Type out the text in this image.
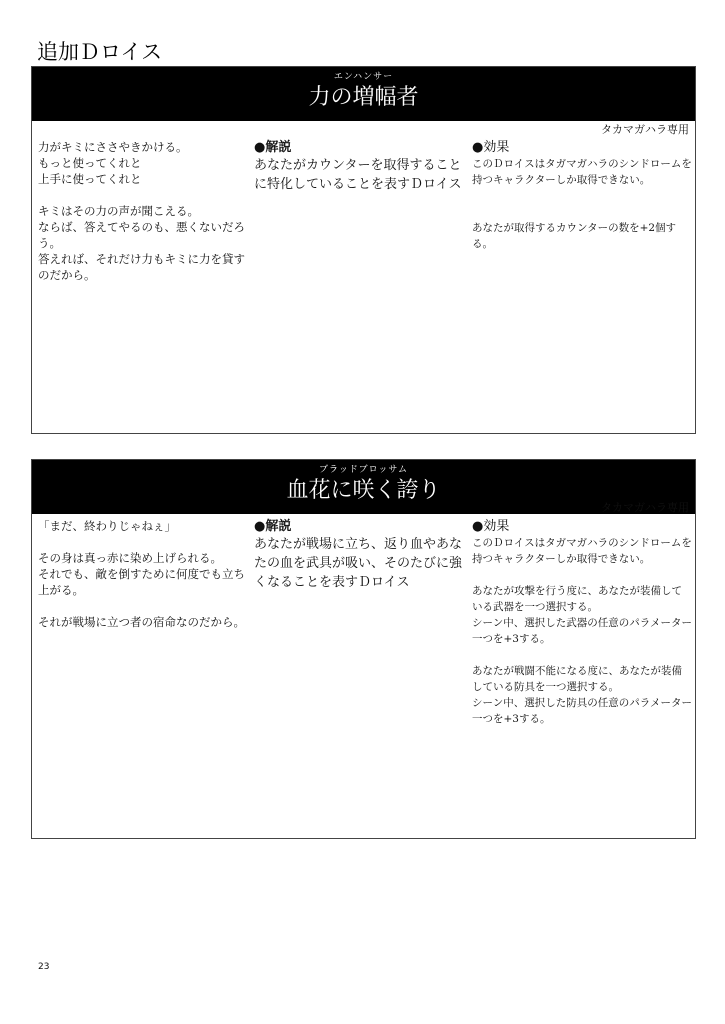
追加Ｄロイス
エンハンサー
力の増幅者
タカマガハラ専用
力がキミにささやきかける。
もっと使ってくれと
上手に使ってくれと

キミはその力の声が聞こえる。
ならば、答えてやるのも、悪くないだろう。
答えれば、それだけ力もキミに力を貸すのだから。
●解説
あなたがカウンターを取得することに特化していることを表すＤロイス
●効果
このＤロイスはタガマガハラのシンドロームを持つキャラクターしか取得できない。

あなたが取得するカウンターの数を+2個する。
ブラッドブロッサム
血花に咲く誇り
タカマガハラ専用
「まだ、終わりじゃねぇ」

その身は真っ赤に染め上げられる。
それでも、敵を倒すために何度でも立ち上がる。

それが戦場に立つ者の宿命なのだから。
●解説
あなたが戦場に立ち、返り血やあなたの血を武具が吸い、そのたびに強くなることを表すＤロイス
●効果
このＤロイスはタガマガハラのシンドロームを持つキャラクターしか取得できない。

あなたが攻撃を行う度に、あなたが装備している武器を一つ選択する。
シーン中、選択した武器の任意のパラメーター一つを+3する。

あなたが戦闘不能になる度に、あなたが装備している防具を一つ選択する。
シーン中、選択した防具の任意のパラメーター一つを+3する。
23
